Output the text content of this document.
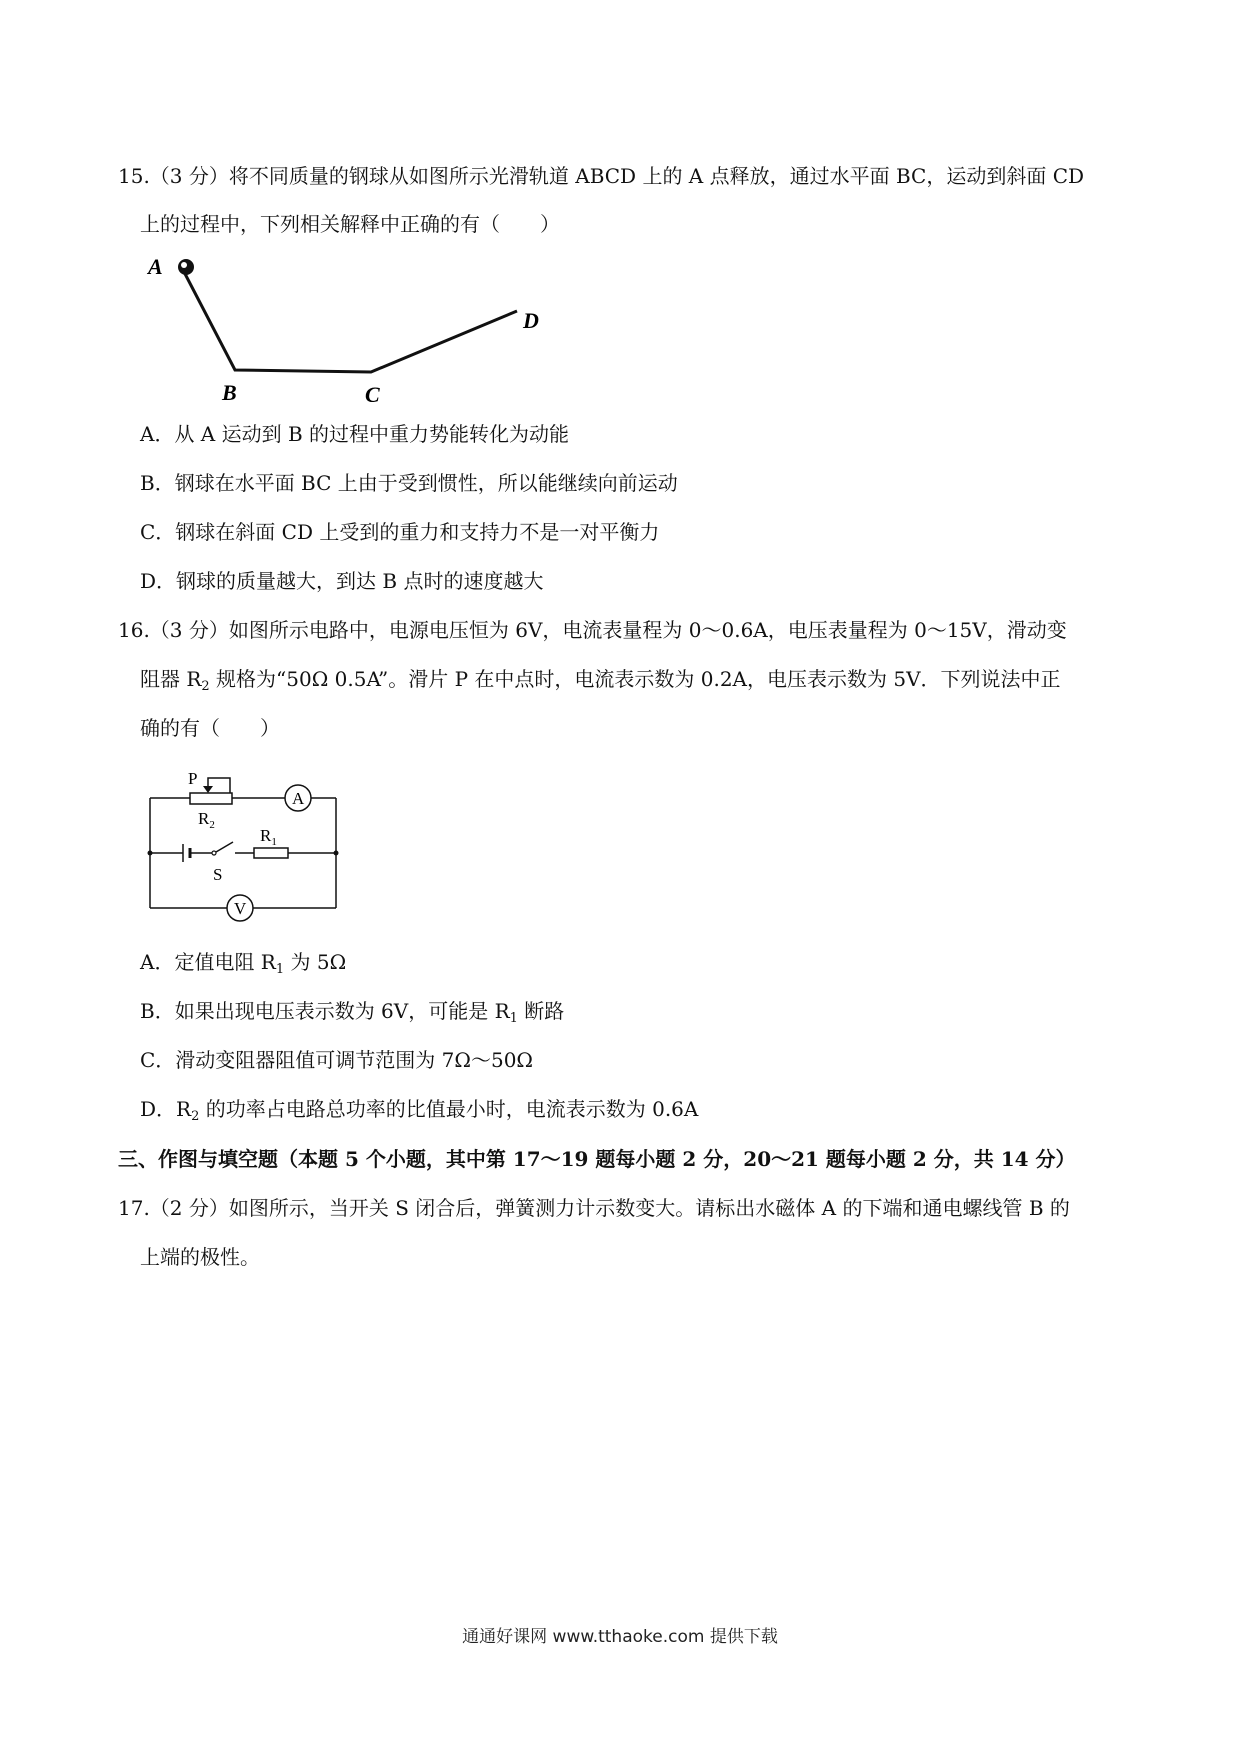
15.（3 分）将不同质量的钢球从如图所示光滑轨道 ABCD 上的 A 点释放，通过水平面 BC，运动到斜面 CD
上的过程中，下列相关解释中正确的有（　　）
A
B	C
D
A．从 A 运动到 B 的过程中重力势能转化为动能
B．钢球在水平面 BC 上由于受到惯性，所以能继续向前运动
C．钢球在斜面 CD 上受到的重力和支持力不是一对平衡力
D．钢球的质量越大，到达 B 点时的速度越大
16.（3 分）如图所示电路中，电源电压恒为 6V，电流表量程为 0～0.6A，电压表量程为 0～15V，滑动变
阻器 $R_2$ 规格为“50Ω 0.5A”。滑片 P 在中点时，电流表示数为 0.2A，电压表示数为 5V．下列说法中正
确的有（　　）
P
$R_2$
A
S
$R_1$
V
A．定值电阻 $R_1$ 为 5Ω
B．如果出现电压表示数为 6V，可能是 $R_1$ 断路
C．滑动变阻器阻值可调节范围为 7Ω～50Ω
D．$R_2$ 的功率占电路总功率的比值最小时，电流表示数为 0.6A
三、作图与填空题（本题 5 个小题，其中第 17～19 题每小题 2 分，20～21 题每小题 2 分，共 14 分）
17.（2 分）如图所示，当开关 S 闭合后，弹簧测力计示数变大。请标出水磁体 A 的下端和通电螺线管 B 的
上端的极性。
通通好课网 www.tthaoke.com 提供下载
